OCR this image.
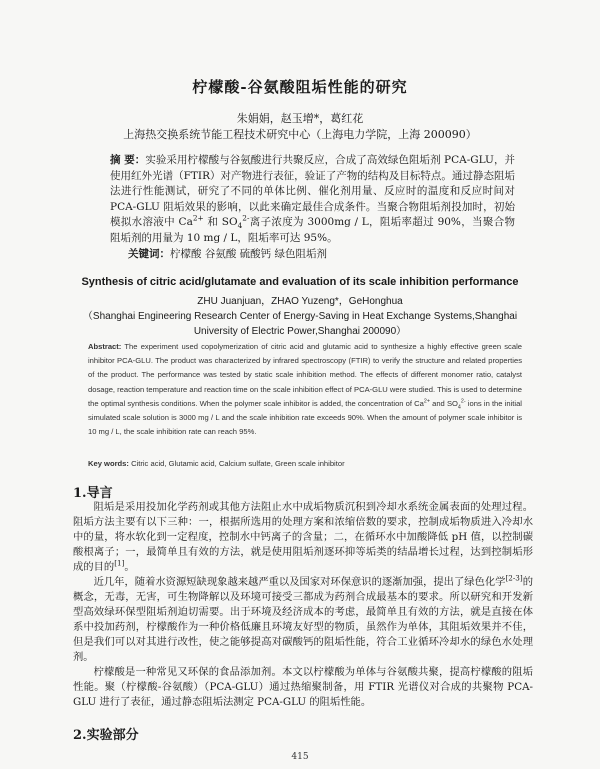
柠檬酸-谷氨酸阻垢性能的研究
朱娟娟，赵玉增*，葛红花
上海热交换系统节能工程技术研究中心（上海电力学院，上海 200090）
摘 要：实验采用柠檬酸与谷氨酸进行共聚反应，合成了高效绿色阻垢剂 PCA-GLU，并使用红外光谱（FTIR）对产物进行表征，验证了产物的结构及目标特点。通过静态阻垢法进行性能测试，研究了不同的单体比例、催化剂用量、反应时的温度和反应时间对 PCA-GLU 阻垢效果的影响，以此来确定最佳合成条件。当聚合物阻垢剂投加时，初始模拟水溶液中 $Ca^{2+}$ 和 $SO_4^{2-}$离子浓度为 3000mg / L，阻垢率超过 90%，当聚合物阻垢剂的用量为 10 mg / L，阻垢率可达 95%。
关键词：柠檬酸 谷氨酸 硫酸钙 绿色阻垢剂
Synthesis of citric acid/glutamate and evaluation of its scale inhibition performance
ZHU Juanjuan，ZHAO Yuzeng*，GeHonghua
（Shanghai Engineering Research Center of Energy-Saving in Heat Exchange Systems,Shanghai
University of Electric Power,Shanghai 200090）
Abstract: The experiment used copolymerization of citric acid and glutamic acid to synthesize a highly effective green scale inhibitor PCA-GLU. The product was characterized by infrared spectroscopy (FTIR) to verify the structure and related properties of the product. The performance was tested by static scale inhibition method. The effects of different monomer ratio, catalyst dosage, reaction temperature and reaction time on the scale inhibition effect of PCA-GLU were studied. This is used to determine the optimal synthesis conditions. When the polymer scale inhibitor is added, the concentration of $Ca^{2+}$ and $SO_4^{2-}$ ions in the initial simulated scale solution is 3000 mg / L and the scale inhibition rate exceeds 90%. When the amount of polymer scale inhibitor is 10 mg / L, the scale inhibition rate can reach 95%.
Key words: Citric acid, Glutamic acid, Calcium sulfate, Green scale inhibitor
1.导言

阻垢是采用投加化学药剂或其他方法阻止水中成垢物质沉积到冷却水系统金属表面的处理过程。阻垢方法主要有以下三种：一，根据所选用的处理方案和浓缩倍数的要求，控制成垢物质进入冷却水中的量，将水软化到一定程度，控制水中钙离子的含量；二，在循环水中加酸降低 pH 值，以控制碳酸根离子；一，最简单且有效的方法，就是使用阻垢剂逐环抑等垢类的结晶增长过程，达到控制垢形成的目的[1]。

近几年，随着水资源短缺现象越来越严重以及国家对环保意识的逐渐加强，提出了绿色化学[2-3]的概念，无毒，无害，可生物降解以及环境可接受三都成为药剂合成最基本的要求。所以研究和开发新型高效绿环保型阻垢剂迫切需要。出于环境及经济成本的考虑，最简单且有效的方法，就是直接在体系中投加药剂，柠檬酸作为一种价格低廉且环境友好型的物质，虽然作为单体，其阻垢效果并不佳，但是我们可以对其进行改性，使之能够提高对碳酸钙的阻垢性能，符合工业循环冷却水的绿色水处理剂。

柠檬酸是一种常见又环保的食品添加剂。本文以柠檬酸为单体与谷氨酸共聚，提高柠檬酸的阻垢性能。聚（柠檬酸-谷氨酸）（PCA-GLU）通过热缩聚制备，用 FTIR 光谱仪对合成的共聚物 PCA-GLU 进行了表征，通过静态阻垢法测定 PCA-GLU 的阻垢性能。

2.实验部分
415
